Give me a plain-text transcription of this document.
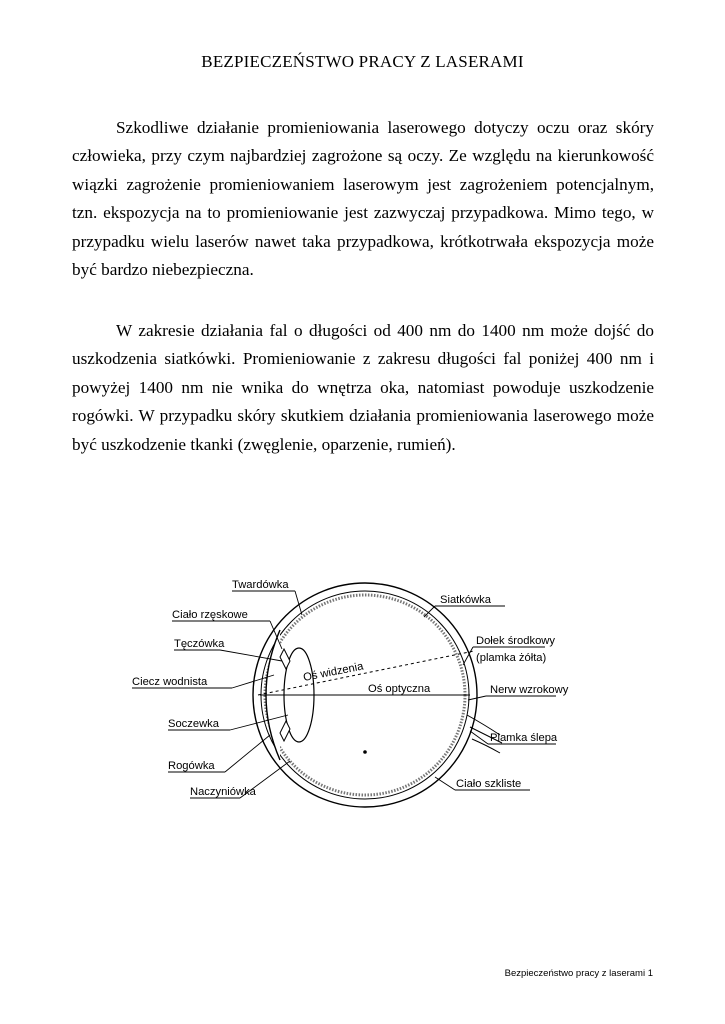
BEZPIECZEŃSTWO PRACY Z LASERAMI

Szkodliwe działanie promieniowania laserowego dotyczy oczu oraz skóry człowieka, przy czym najbardziej zagrożone są oczy. Ze względu na kierunkowość wiązki zagrożenie promieniowaniem laserowym jest zagrożeniem potencjalnym, tzn. ekspozycja na to promieniowanie jest zazwyczaj przypadkowa. Mimo tego, w przypadku wielu laserów nawet taka przypadkowa, krótkotrwała ekspozycja może być bardzo niebezpieczna.

W zakresie działania fal o długości od 400 nm do 1400 nm może dojść do uszkodzenia siatkówki. Promieniowanie z zakresu długości fal poniżej 400 nm i powyżej 1400 nm nie wnika do wnętrza oka, natomiast powoduje uszkodzenie rogówki. W przypadku skóry skutkiem działania promieniowania laserowego może być uszkodzenie tkanki (zwęglenie, oparzenie, rumień).

Twardówka
Ciało rzęskowe
Tęczówka
Ciecz wodnista
Soczewka
Rogówka
Naczyniówka
Siatkówka
Dołek środkowy
(plamka żółta)
Nerw wzrokowy
Plamka ślepa
Ciało szkliste
Oś widzenia
Oś optyczna
Bezpieczeństwo pracy z laserami 1
